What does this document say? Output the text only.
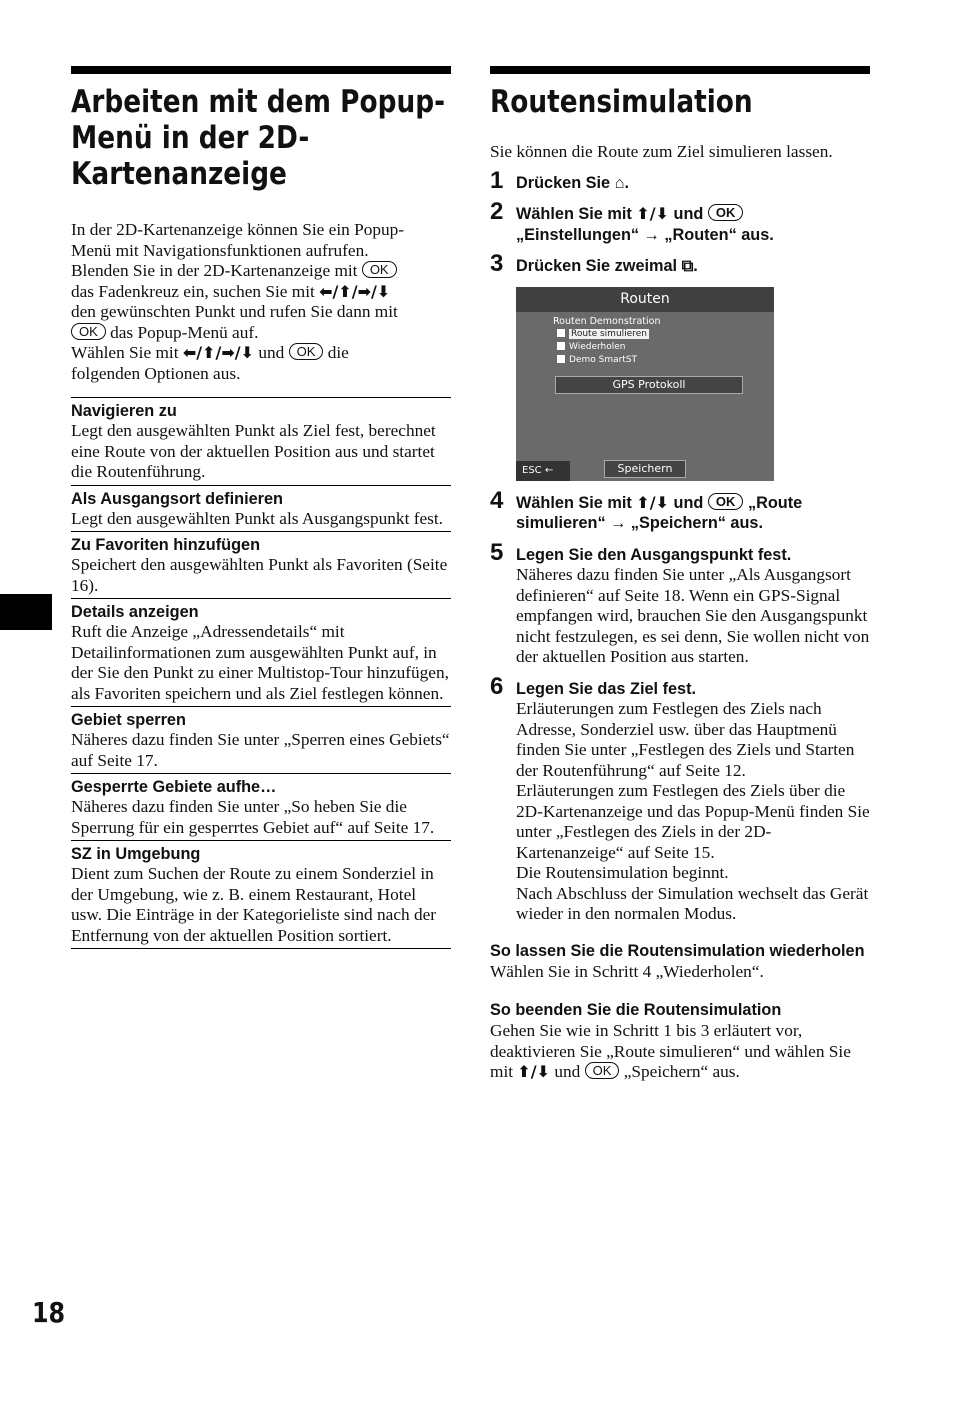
Arbeiten mit dem Popup-
Menü in der 2D-
Kartenanzeige

In der 2D-Kartenanzeige können Sie ein Popup-

Menü mit Navigationsfunktionen aufrufen.

Blenden Sie in der 2D-Kartenanzeige mit OK

das Fadenkreuz ein, suchen Sie mit ⬅/⬆/➡/⬇

den gewünschten Punkt und rufen Sie dann mit

OK das Popup-Menü auf.

Wählen Sie mit ⬅/⬆/➡/⬇ und OK die

folgenden Optionen aus.

Navigieren zu

Legt den ausgewählten Punkt als Ziel fest, berechnet eine Route von der aktuellen Position aus und startet die Routenführung.

Als Ausgangsort definieren

Legt den ausgewählten Punkt als Ausgangspunkt fest.

Zu Favoriten hinzufügen

Speichert den ausgewählten Punkt als Favoriten (Seite 16).

Details anzeigen

Ruft die Anzeige „Adressendetails“ mit Detailinformationen zum ausgewählten Punkt auf, in der Sie den Punkt zu einer Multistop-Tour hinzufügen, als Favoriten speichern und als Ziel festlegen können.

Gebiet sperren

Näheres dazu finden Sie unter „Sperren eines Gebiets“ auf Seite 17.

Gesperrte Gebiete aufhe…

Näheres dazu finden Sie unter „So heben Sie die Sperrung für ein gesperrtes Gebiet auf“ auf Seite 17.

SZ in Umgebung

Dient zum Suchen der Route zu einem Sonderziel in der Umgebung, wie z. B. einem Restaurant, Hotel usw. Die Einträge in der Kategorieliste sind nach der Entfernung von der aktuellen Position sortiert.

Routensimulation

Sie können die Route zum Ziel simulieren lassen.

1 Drücken Sie ⌂.
2 Wählen Sie mit ⬆/⬇ und OK
„Einstellungen“ → „Routen“ aus.
3 Drücken Sie zweimal ⧉.
Routen
Routen Demonstration
Route simulieren
Wiederholen
Demo SmartST
GPS Protokoll
ESC ←	Speichern
4 Wählen Sie mit ⬆/⬇ und OK „Route
simulieren“ → „Speichern“ aus.
5 Legen Sie den Ausgangspunkt fest.

Näheres dazu finden Sie unter „Als Ausgangsort definieren“ auf Seite 18. Wenn ein GPS-Signal empfangen wird, brauchen Sie den Ausgangspunkt nicht festzulegen, es sei denn, Sie wollen nicht von der aktuellen Position aus starten.

6 Legen Sie das Ziel fest.

Erläuterungen zum Festlegen des Ziels nach Adresse, Sonderziel usw. über das Hauptmenü finden Sie unter „Festlegen des Ziels und Starten der Routenführung“ auf Seite 12.

Erläuterungen zum Festlegen des Ziels über die 2D-Kartenanzeige und das Popup-Menü finden Sie unter „Festlegen des Ziels in der 2D-Kartenanzeige“ auf Seite 15.

Die Routensimulation beginnt.

Nach Abschluss der Simulation wechselt das Gerät wieder in den normalen Modus.

So lassen Sie die Routensimulation wiederholen

Wählen Sie in Schritt 4 „Wiederholen“.

So beenden Sie die Routensimulation

Gehen Sie wie in Schritt 1 bis 3 erläutert vor, deaktivieren Sie „Route simulieren“ und wählen Sie mit ⬆/⬇ und OK „Speichern“ aus.

18
